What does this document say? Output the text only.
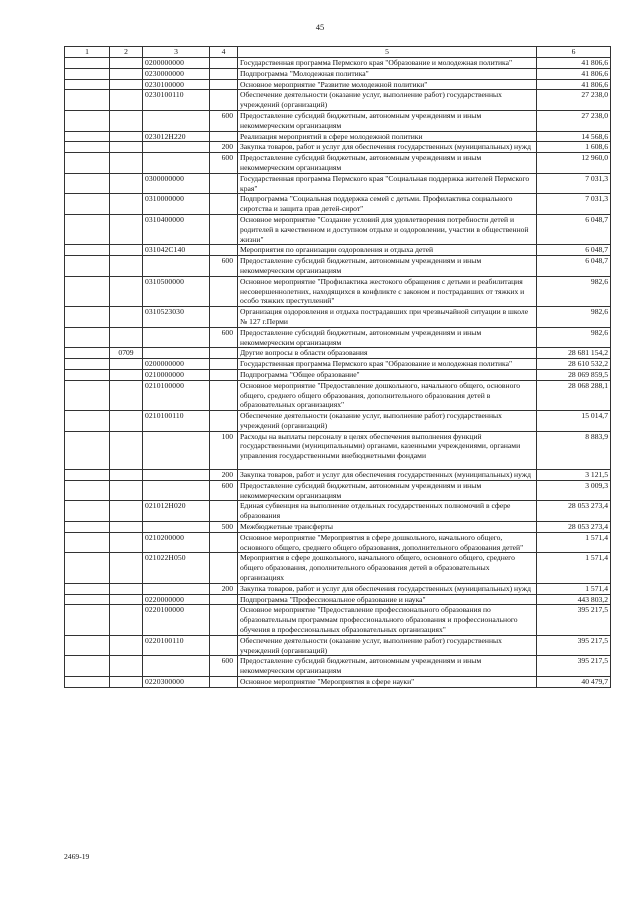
45
1	2	3	4	5	6
		0200000000		Государственная программа Пермского края "Образование и молодежная политика"	41 806,6
		0230000000		Подпрограмма "Молодежная политика"	41 806,6
		0230100000		Основное мероприятие "Развитие молодежной политики"	41 806,6
		0230100110		Обеспечение деятельности (оказание услуг, выполнение работ) государственных учреждений (организаций)	27 238,0
			600	Предоставление субсидий бюджетным, автономным учреждениям и иным некоммерческим организациям	27 238,0
		023012Н220		Реализация мероприятий в сфере молодежной политики	14 568,6
			200	Закупка товаров, работ и услуг для обеспечения государственных (муниципальных) нужд	1 608,6
			600	Предоставление субсидий бюджетным, автономным учреждениям и иным некоммерческим организациям	12 960,0
		0300000000		Государственная программа Пермского края "Социальная поддержка жителей Пермского края"	7 031,3
		0310000000		Подпрограмма "Социальная поддержка семей с детьми. Профилактика социального сиротства и защита прав детей-сирот"	7 031,3
		0310400000		Основное мероприятие "Создание условий для удовлетворения потребности детей и родителей в качественном и доступном отдыхе и оздоровлении, участии в общественной жизни"	6 048,7
		031042С140		Мероприятия по организации оздоровления и отдыха детей	6 048,7
			600	Предоставление субсидий бюджетным, автономным учреждениям и иным некоммерческим организациям	6 048,7
		0310500000		Основное мероприятие "Профилактика жестокого обращения с детьми и реабилитация несовершеннолетних, находящихся в конфликте с законом и пострадавших от тяжких и особо тяжких преступлений"	982,6
		0310523030		Организация оздоровления и отдыха пострадавших при чрезвычайной ситуации в школе № 127 г.Перми	982,6
			600	Предоставление субсидий бюджетным, автономным учреждениям и иным некоммерческим организациям	982,6
	0709			Другие вопросы в области образования	28 681 154,2
		0200000000		Государственная программа Пермского края "Образование и молодежная политика"	28 610 532,2
		0210000000		Подпрограмма "Общее образование"	28 069 859,5
		0210100000		Основное мероприятие "Предоставление дошкольного, начального общего, основного общего, среднего общего образования, дополнительного образования детей в образовательных организациях"	28 068 288,1
		0210100110		Обеспечение деятельности (оказание услуг, выполнение работ) государственных учреждений (организаций)	15 014,7
			100	Расходы на выплаты персоналу в целях обеспечения выполнения функций государственными (муниципальными) органами, казенными учреждениями, органами управления государственными внебюджетными фондами	8 883,9
			200	Закупка товаров, работ и услуг для обеспечения государственных (муниципальных) нужд	3 121,5
			600	Предоставление субсидий бюджетным, автономным учреждениям и иным некоммерческим организациям	3 009,3
		021012Н020		Единая субвенция на выполнение отдельных государственных полномочий в сфере образования	28 053 273,4
			500	Межбюджетные трансферты	28 053 273,4
		0210200000		Основное мероприятие "Мероприятия в сфере дошкольного, начального общего, основного общего, среднего общего образования, дополнительного образования детей"	1 571,4
		021022Н050		Мероприятия в сфере дошкольного, начального общего, основного общего, среднего общего образования, дополнительного образования детей в образовательных организациях	1 571,4
			200	Закупка товаров, работ и услуг для обеспечения государственных (муниципальных) нужд	1 571,4
		0220000000		Подпрограмма "Профессиональное образование и наука"	443 803,2
		0220100000		Основное мероприятие "Предоставление профессионального образования по образовательным программам профессионального образования и профессионального обучения в профессиональных образовательных организациях"	395 217,5
		0220100110		Обеспечение деятельности (оказание услуг, выполнение работ) государственных учреждений (организаций)	395 217,5
			600	Предоставление субсидий бюджетным, автономным учреждениям и иным некоммерческим организациям	395 217,5
		0220300000		Основное мероприятие "Мероприятия в сфере науки"	40 479,7
2469-19
